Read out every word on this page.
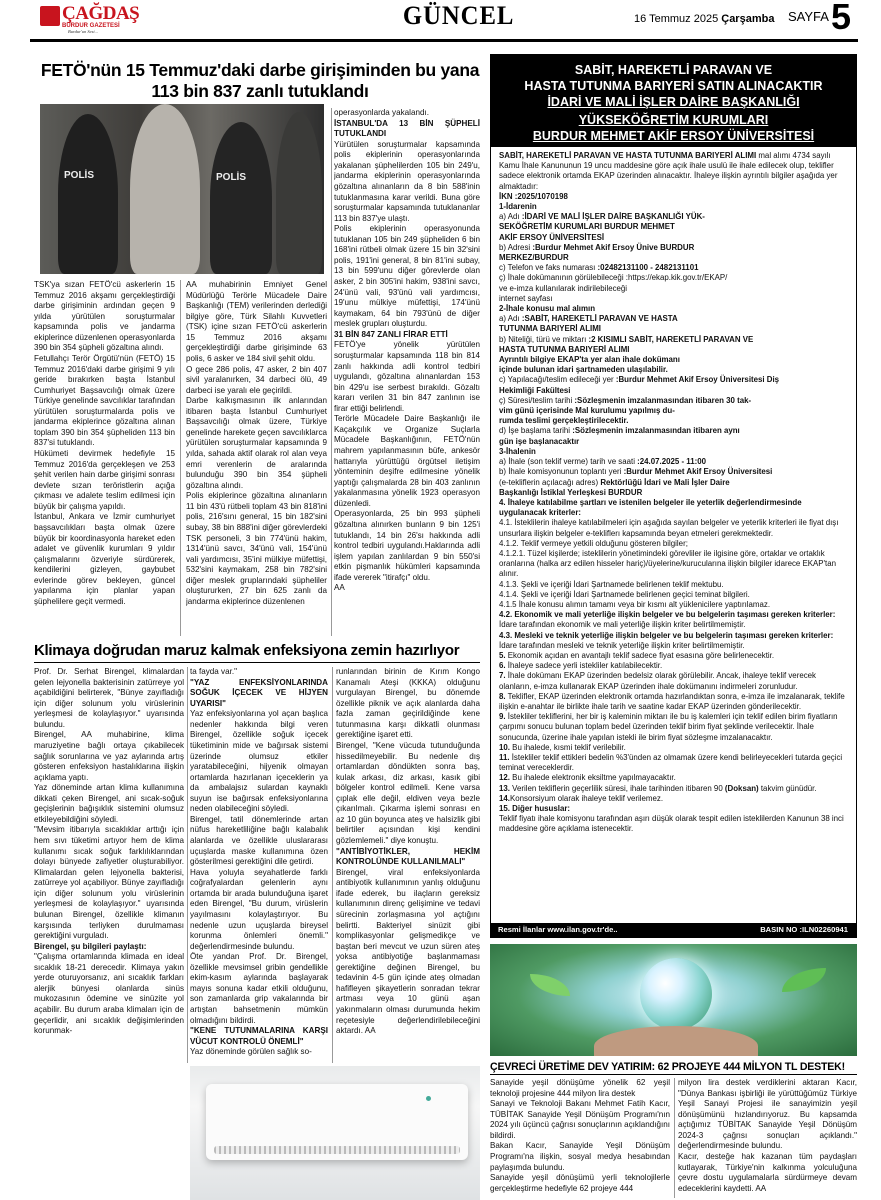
ÇAĞDAŞ
BURDUR GAZETESİ
Burdur'un Sesi...
GÜNCEL	16 Temmuz 2025 Çarşamba SAYFA 5
FETÖ'nün 15 Temmuz'daki darbe girişiminden bu yana
113 bin 837 zanlı tutuklandı
POLİS	POLİS
TSK'ya sızan FETÖ'cü askerlerin 15 Temmuz 2016 akşamı gerçekleştirdiği darbe girişiminin ardından geçen 9 yılda yürütülen soruşturmalar kapsamında polis ve jandarma ekiplerince düzenlenen operasyonlarda 390 bin 354 şüpheli gözaltına alındı.
Fetullahçı Terör Örgütü'nün (FETÖ) 15 Temmuz 2016'daki darbe girişimi 9 yılı geride bırakırken başta İstanbul Cumhuriyet Başsavcılığı olmak üzere Türkiye genelinde savcılıklar tarafından yürütülen soruşturmalarda polis ve jandarma ekiplerince gözaltına alınan toplam 390 bin 354 şüpheliden 113 bin 837'si tutuklandı.
Hükümeti devirmek hedefiyle 15 Temmuz 2016'da gerçekleşen ve 253 şehit verilen hain darbe girişimi sonrası devlete sızan teröristlerin açığa çıkması ve adalete teslim edilmesi için büyük bir çalışma yapıldı.
İstanbul, Ankara ve İzmir cumhuriyet başsavcılıkları başta olmak üzere büyük bir koordinasyonla hareket eden adalet ve güvenlik kurumları 9 yıldır çalışmalarını özveriyle sürdürerek, kendilerini gizleyen, gaybubet evlerinde görev bekleyen, güncel yapılanma için planlar yapan şüphelilere geçit vermedi.
AA muhabirinin Emniyet Genel Müdürlüğü Terörle Mücadele Daire Başkanlığı (TEM) verilerinden derlediği bilgiye göre, Türk Silahlı Kuvvetleri (TSK) içine sızan FETÖ'cü askerlerin 15 Temmuz 2016 akşamı gerçekleştirdiği darbe girişiminde 63 polis, 6 asker ve 184 sivil şehit oldu.
O gece 286 polis, 47 asker, 2 bin 407 sivil yaralanırken, 34 darbeci ölü, 49 darbeci ise yaralı ele geçirildi.
Darbe kalkışmasının ilk anlarından itibaren başta İstanbul Cumhuriyet Başsavcılığı olmak üzere, Türkiye genelinde harekete geçen savcılıklarca yürütülen soruşturmalar kapsamında 9 yılda, sahada aktif olarak rol alan veya emri verenlerin de aralarında bulunduğu 390 bin 354 şüpheli gözaltına alındı.
Polis ekiplerince gözaltına alınanların 11 bin 43'ü rütbeli toplam 43 bin 818'ini polis, 216'sını general, 15 bin 182'sini subay, 38 bin 888'ini diğer görevlerdeki TSK personeli, 3 bin 774'ünü hakim, 1314'ünü savcı, 34'ünü vali, 154'ünü vali yardımcısı, 35'ini mülkiye müfettişi, 532'sini kaymakam, 258 bin 782'sini diğer meslek gruplarındaki şüpheliler oluştururken, 27 bin 625 zanlı da jandarma ekiplerince düzenlenen
operasyonlarda yakalandı.
İSTANBUL'DA 13 BİN ŞÜPHELİ TUTUKLANDI
Yürütülen soruşturmalar kapsamında polis ekiplerinin operasyonlarında yakalanan şüphelilerden 105 bin 249'u, jandarma ekiplerinin operasyonlarında gözaltına alınanların da 8 bin 588'inin tutuklanmasına karar verildi. Buna göre soruşturmalar kapsamında tutuklananlar 113 bin 837'ye ulaştı.
Polis ekiplerinin operasyonunda tutuklanan 105 bin 249 şüpheliden 6 bin 168'ini rütbeli olmak üzere 15 bin 32'sini polis, 191'ini general, 8 bin 81'ini subay, 13 bin 599'unu diğer görevlerde olan asker, 2 bin 305'ini hakim, 938'ini savcı, 24'ünü vali, 93'ünü vali yardımcısı, 19'unu mülkiye müfettişi, 174'ünü kaymakam, 64 bin 793'ünü de diğer meslek grupları oluşturdu.
31 BİN 847 ZANLI FİRAR ETTİ
FETÖ'ye yönelik yürütülen soruşturmalar kapsamında 118 bin 814 zanlı hakkında adli kontrol tedbiri uygulandı, gözaltına alınanlardan 153 bin 429'u ise serbest bırakıldı. Gözaltı kararı verilen 31 bin 847 zanlının ise firar ettiği belirlendi.
Terörle Mücadele Daire Başkanlığı ile Kaçakçılık ve Organize Suçlarla Mücadele Başkanlığının, FETÖ'nün mahrem yapılanmasının büfe, ankesör hattarıyla yürüttüğü örgütsel iletişim yönteminin deşifre edilmesine yönelik yaptığı çalışmalarda 28 bin 403 zanlının yakalanmasına yönelik 1923 operasyon düzenledi.
Operasyonlarda, 25 bin 993 şüpheli gözaltına alınırken bunların 9 bin 125'i tutuklandı, 14 bin 26'sı hakkında adli kontrol tedbiri uygulandı.Haklarında adli işlem yapılan zanlılardan 9 bin 550'si etkin pişmanlık hükümleri kapsamında ifade vererek "itirafçı" oldu.
AA
Klimaya doğrudan maruz kalmak enfeksiyona zemin hazırlıyor
Prof. Dr. Serhat Birengel, klimalardan gelen lejyonella bakterisinin zatürreye yol açabildiğini belirterek, "Bünye zayıfladığı için diğer solunum yolu virüslerinin yerleşmesi de kolaylaşıyor." uyarısında bulundu.
Birengel, AA muhabirine, klima maruziyetine bağlı ortaya çıkabilecek sağlık sorunlarına ve yaz aylarında artış gösteren enfeksiyon hastalıklarına ilişkin açıklama yaptı.
Yaz döneminde artan klima kullanımına dikkati çeken Birengel, ani sıcak-soğuk geçişlerinin bağışıklık sistemini olumsuz etkileyebildiğini söyledi.
"Mevsim itibarıyla sıcaklıklar arttığı için hem sıvı tüketimi artıyor hem de klima kullanımı sıcak soğuk farklılıklarından dolayı bünyede zafiyetler oluşturabiliyor. Klimalardan gelen lejyonella bakterisi, zatürreye yol açabiliyor. Bünye zayıfladığı için diğer solunum yolu virüslerinin yerleşmesi de kolaylaşıyor." uyarısında bulunan Birengel, özellikle klimanın karşısında terliyken durulmaması gerektiğini vurguladı.
Birengel, şu bilgileri paylaştı:
"Çalışma ortamlarında klimada en ideal sıcaklık 18-21 derecedir. Klimaya yakın yerde oturuyorsanız, ani sıcaklık farkları alerjik bünyesi olanlarda sinüs mukozasının ödemine ve sinüzite yol açabilir. Bu durum araba klimaları için de geçerlidir, ani sıcaklık değişimlerinden korunmak-
ta fayda var."
"YAZ ENFEKSİYONLARINDA SOĞUK İÇECEK VE HİJYEN UYARISI"
Yaz enfeksiyonlarına yol açan başlıca nedenler hakkında bilgi veren Birengel, özellikle soğuk içecek tüketiminin mide ve bağırsak sistemi üzerinde olumsuz etkiler yaratabileceğini, hijyenik olmayan ortamlarda hazırlanan içeceklerin ya da ambalajsız sulardan kaynaklı suyun ise bağırsak enfeksiyonlarına neden olabileceğini söyledi.
Birengel, tatil dönemlerinde artan nüfus hareketliliğine bağlı kalabalık alanlarda ve özellikle uluslararası uçuşlarda maske kullanımına özen gösterilmesi gerektiğini dile getirdi.
Hava yoluyla seyahatlerde farklı coğrafyalardan gelenlerin aynı ortamda bir arada bulunduğuna işaret eden Birengel, "Bu durum, virüslerin yayılmasını kolaylaştırıyor. Bu nedenle uzun uçuşlarda bireysel korunma önlemleri önemli." değerlendirmesinde bulundu.
Öte yandan Prof. Dr. Birengel, özellikle mevsimsel gribin gendellikle ekim-kasım aylarında başlayarak mayıs sonuna kadar etkili olduğunu, son zamanlarda grip vakalarında bir artıştan bahsetmenin mümkün olmadığını bildirdi.
"KENE TUTUNMALARINA KARŞI VÜCUT KONTROLÜ ÖNEMLİ"
Yaz döneminde görülen sağlık so-
runlarından birinin de Kırım Kongo Kanamalı Ateşi (KKKA) olduğunu vurgulayan Birengel, bu dönemde özellikle piknik ve açık alanlarda daha fazla zaman geçirildiğinde kene tutunmasına karşı dikkatli olunması gerektiğine işaret etti.
Birengel, "Kene vücuda tutunduğunda hissedilmeyebilir. Bu nedenle dış ortamlardan döndükten sonra baş, kulak arkası, diz arkası, kasık gibi bölgeler kontrol edilmeli. Kene varsa çıplak elle değil, eldiven veya bezle çıkarılmalı. Çıkarma işlemi sonrası en az 10 gün boyunca ateş ve halsizlik gibi belirtiler açısından kişi kendini gözlemlemeli." diye konuştu.
"ANTİBİYOTİKLER, HEKİM KONTROLÜNDE KULLANILMALI"
Birengel, viral enfeksiyonlarda antibiyotik kullanımının yanlış olduğunu ifade ederek, bu ilaçların gereksiz kullanımının direnç gelişimine ve tedavi sürecinin zorlaşmasına yol açtığını belirtti. Bakteriyel sinüzit gibi komplikasyonlar gelişmedikçe ve baştan beri mevcut ve uzun süren ateş yoksa antibiyotiğe başlanmaması gerektiğine değinen Birengel, bu tedavinin 4-5 gün içinde ateş olmadan hafifleyen şikayetlerin sonradan tekrar artması veya 10 günü aşan yakınmaların olması durumunda hekim reçetesiyle değerlendirilebileceğini aktardı. AA
SABİT, HAREKETLİ PARAVAN VE
HASTA TUTUNMA BARIYERİ SATIN ALINACAKTIR
İDARİ VE MALİ İŞLER DAİRE BAŞKANLIĞI
YÜKSEKÖĞRETİM KURUMLARI
BURDUR MEHMET AKİF ERSOY ÜNİVERSİTESİ
SABİT, HAREKETLİ PARAVAN VE HASTA TUTUNMA BARIYERİ ALIMI mal alımı 4734 sayılı Kamu İhale Kanununun 19 uncu maddesine göre açık ihale usulü ile ihale edilecek olup, teklifler sadece elektronik ortamda EKAP üzerinden alınacaktır. İhaleye ilişkin ayrıntılı bilgiler aşağıda yer almaktadır:
İKN :2025/1070198
1-İdarenin
a) Adı :İDARİ VE MALİ İŞLER DAİRE BAŞKANLIĞI YÜK-
SEKÖĞRETİM KURUMLARI BURDUR MEHMET
AKİF ERSOY ÜNİVERSİTESİ
b) Adresi :Burdur Mehmet Akif Ersoy Ünive BURDUR
MERKEZ/BURDUR
c) Telefon ve faks numarası :02482131100 - 2482131101
ç) İhale dokümanının görülebileceği :https://ekap.kik.gov.tr/EKAP/
ve e-imza kullanılarak indirilebileceği
internet sayfası
2-İhale konusu mal alımın
a) Adı :SABİT, HAREKETLİ PARAVAN VE HASTA
TUTUNMA BARIYERİ ALIMI
b) Niteliği, türü ve miktarı :2 KISIMLI SABİT, HAREKETLİ PARAVAN VE
HASTA TUTUNMA BARIYERİ ALIMI
Ayrıntılı bilgiye EKAP'ta yer alan ihale dokümanı
içinde bulunan idari şartnameden ulaşılabilir.
c) Yapılacağı/teslim edileceği yer :Burdur Mehmet Akif Ersoy Üniversitesi Diş
Hekimliği Fakültesi
ç) Süresi/teslim tarihi :Sözleşmenin imzalanmasından itibaren 30 tak-
vim günü içerisinde Mal kurulumu yapılmış du-
rumda teslimi gerçekleştirilecektir.
d) İşe başlama tarihi :Sözleşmenin imzalanmasından itibaren aynı
gün işe başlanacaktır
3-İhalenin
a) İhale (son teklif verme) tarih ve saati :24.07.2025 - 11:00
b) İhale komisyonunun toplantı yeri :Burdur Mehmet Akif Ersoy Üniversitesi
(e-tekliflerin açılacağı adres) Rektörlüğü İdari ve Mali İşler Daire
Başkanlığı İstiklal Yerleşkesi BURDUR
4. İhaleye katılabilme şartları ve istenilen belgeler ile yeterlik değerlendirmesinde uygulanacak kriterler:
4.1. İsteklilerin ihaleye katılabilmeleri için aşağıda sayılan belgeler ve yeterlik kriterleri ile fiyat dışı unsurlara ilişkin belgeler e-tekliflerı kapsamında beyan etmeleri gerekmektedir.
4.1.2. Teklif vermeye yetkili olduğunu gösteren bilgiler;
4.1.2.1. Tüzel kişilerde; isteklilerin yönetimindeki görevliler ile ilgisine göre, ortaklar ve ortaklık oranlarına (halka arz edilen hisseler hariç)/üyelerine/kurucularına ilişkin bilgiler idarece EKAP'tan alınır.
4.1.3. Şekli ve içeriği İdari Şartnamede belirlenen teklif mektubu.
4.1.4. Şekli ve içeriği İdari Şartnamede belirlenen geçici teminat bilgileri.
4.1.5 İhale konusu alımın tamamı veya bir kısmı alt yüklenicilere yaptırılamaz.
4.2. Ekonomik ve mali yeterliğe ilişkin belgeler ve bu belgelerin taşıması gereken kriterler:
İdare tarafından ekonomik ve mali yeterliğe ilişkin kriter belirtilmemiştir.
4.3. Mesleki ve teknik yeterliğe ilişkin belgeler ve bu belgelerin taşıması gereken kriterler:
İdare tarafından mesleki ve teknik yeterliğe ilişkin kriter belirtilmemiştir.
5. Ekonomik açıdan en avantajlı teklif sadece fiyat esasına göre belirlenecektir.
6. İhaleye sadece yerli istekliler katılabilecektir.
7. İhale dokümanı EKAP üzerinden bedelsiz olarak görülebilir. Ancak, ihaleye teklif verecek olanların, e-imza kullanarak EKAP üzerinden ihale dokümanını indirmeleri zorunludur.
8. Teklifler, EKAP üzerinden elektronik ortamda hazırlandıktan sonra, e-imza ile imzalanarak, teklife ilişkin e-anahtar ile birlikte ihale tarih ve saatine kadar EKAP üzerinden gönderilecektir.
9. İstekliler tekliflerini, her bir iş kaleminin miktarı ile bu iş kalemleri için teklif edilen birim fiyatların çarpımı sonucu bulunan toplam bedel üzerinden teklif birim fiyat şeklinde verilecektir. İhale sonucunda, üzerine ihale yapılan istekli ile birim fiyat sözleşme imzalanacaktır.
10. Bu ihalede, kısmi teklif verilebilir.
11. İstekliler teklif ettikleri bedelin %3'ünden az olmamak üzere kendi belirleyecekleri tutarda geçici teminat vereceklerdir.
12. Bu ihalede elektronik eksiltme yapılmayacaktır.
13. Verilen tekliflerin geçerlilik süresi, ihale tarihinden itibaren 90 (Doksan) takvim günüdür.
14.Konsorsiyum olarak ihaleye teklif verilemez.
15. Diğer hususlar:
Teklif fiyatı ihale komisyonu tarafından aşırı düşük olarak tespit edilen isteklilerden Kanunun 38 inci maddesine göre açıklama istenecektir.
Resmi İlanlar www.ilan.gov.tr'de..	BASIN NO :ILN02260941
ÇEVRECİ ÜRETİME DEV YATIRIM: 62 PROJEYE 444 MİLYON TL DESTEK!
Sanayide yeşil dönüşüme yönelik 62 yeşil teknoloji projesine 444 milyon lira destek
Sanayi ve Teknoloji Bakanı Mehmet Fatih Kacır, TÜBİTAK Sanayide Yeşil Dönüşüm Programı'nın 2024 yılı üçüncü çağrısı sonuçlarının açıklandığını bildirdi.
Bakan Kacır, Sanayide Yeşil Dönüşüm Programı'na ilişkin, sosyal medya hesabından paylaşımda bulundu.
Sanayide yeşil dönüşümü yerli teknolojilerle gerçekleştirme hedefiyle 62 projeye 444
milyon lira destek verdiklerini aktaran Kacır, "Dünya Bankası işbirliği ile yürüttüğümüz Türkiye Yeşil Sanayi Projesi ile sanayimizin yeşil dönüşümünü hızlandırıyoruz. Bu kapsamda açtığımız TÜBİTAK Sanayide Yeşil Dönüşüm 2024-3 çağrısı sonuçları açıklandı." değerlendirmesinde bulundu.
Kacır, desteğe hak kazanan tüm paydaşları kutlayarak, Türkiye'nin kalkınma yolculuğuna çevre dostu uygulamalarla sürdürmeye devam edeceklerini kaydetti. AA
